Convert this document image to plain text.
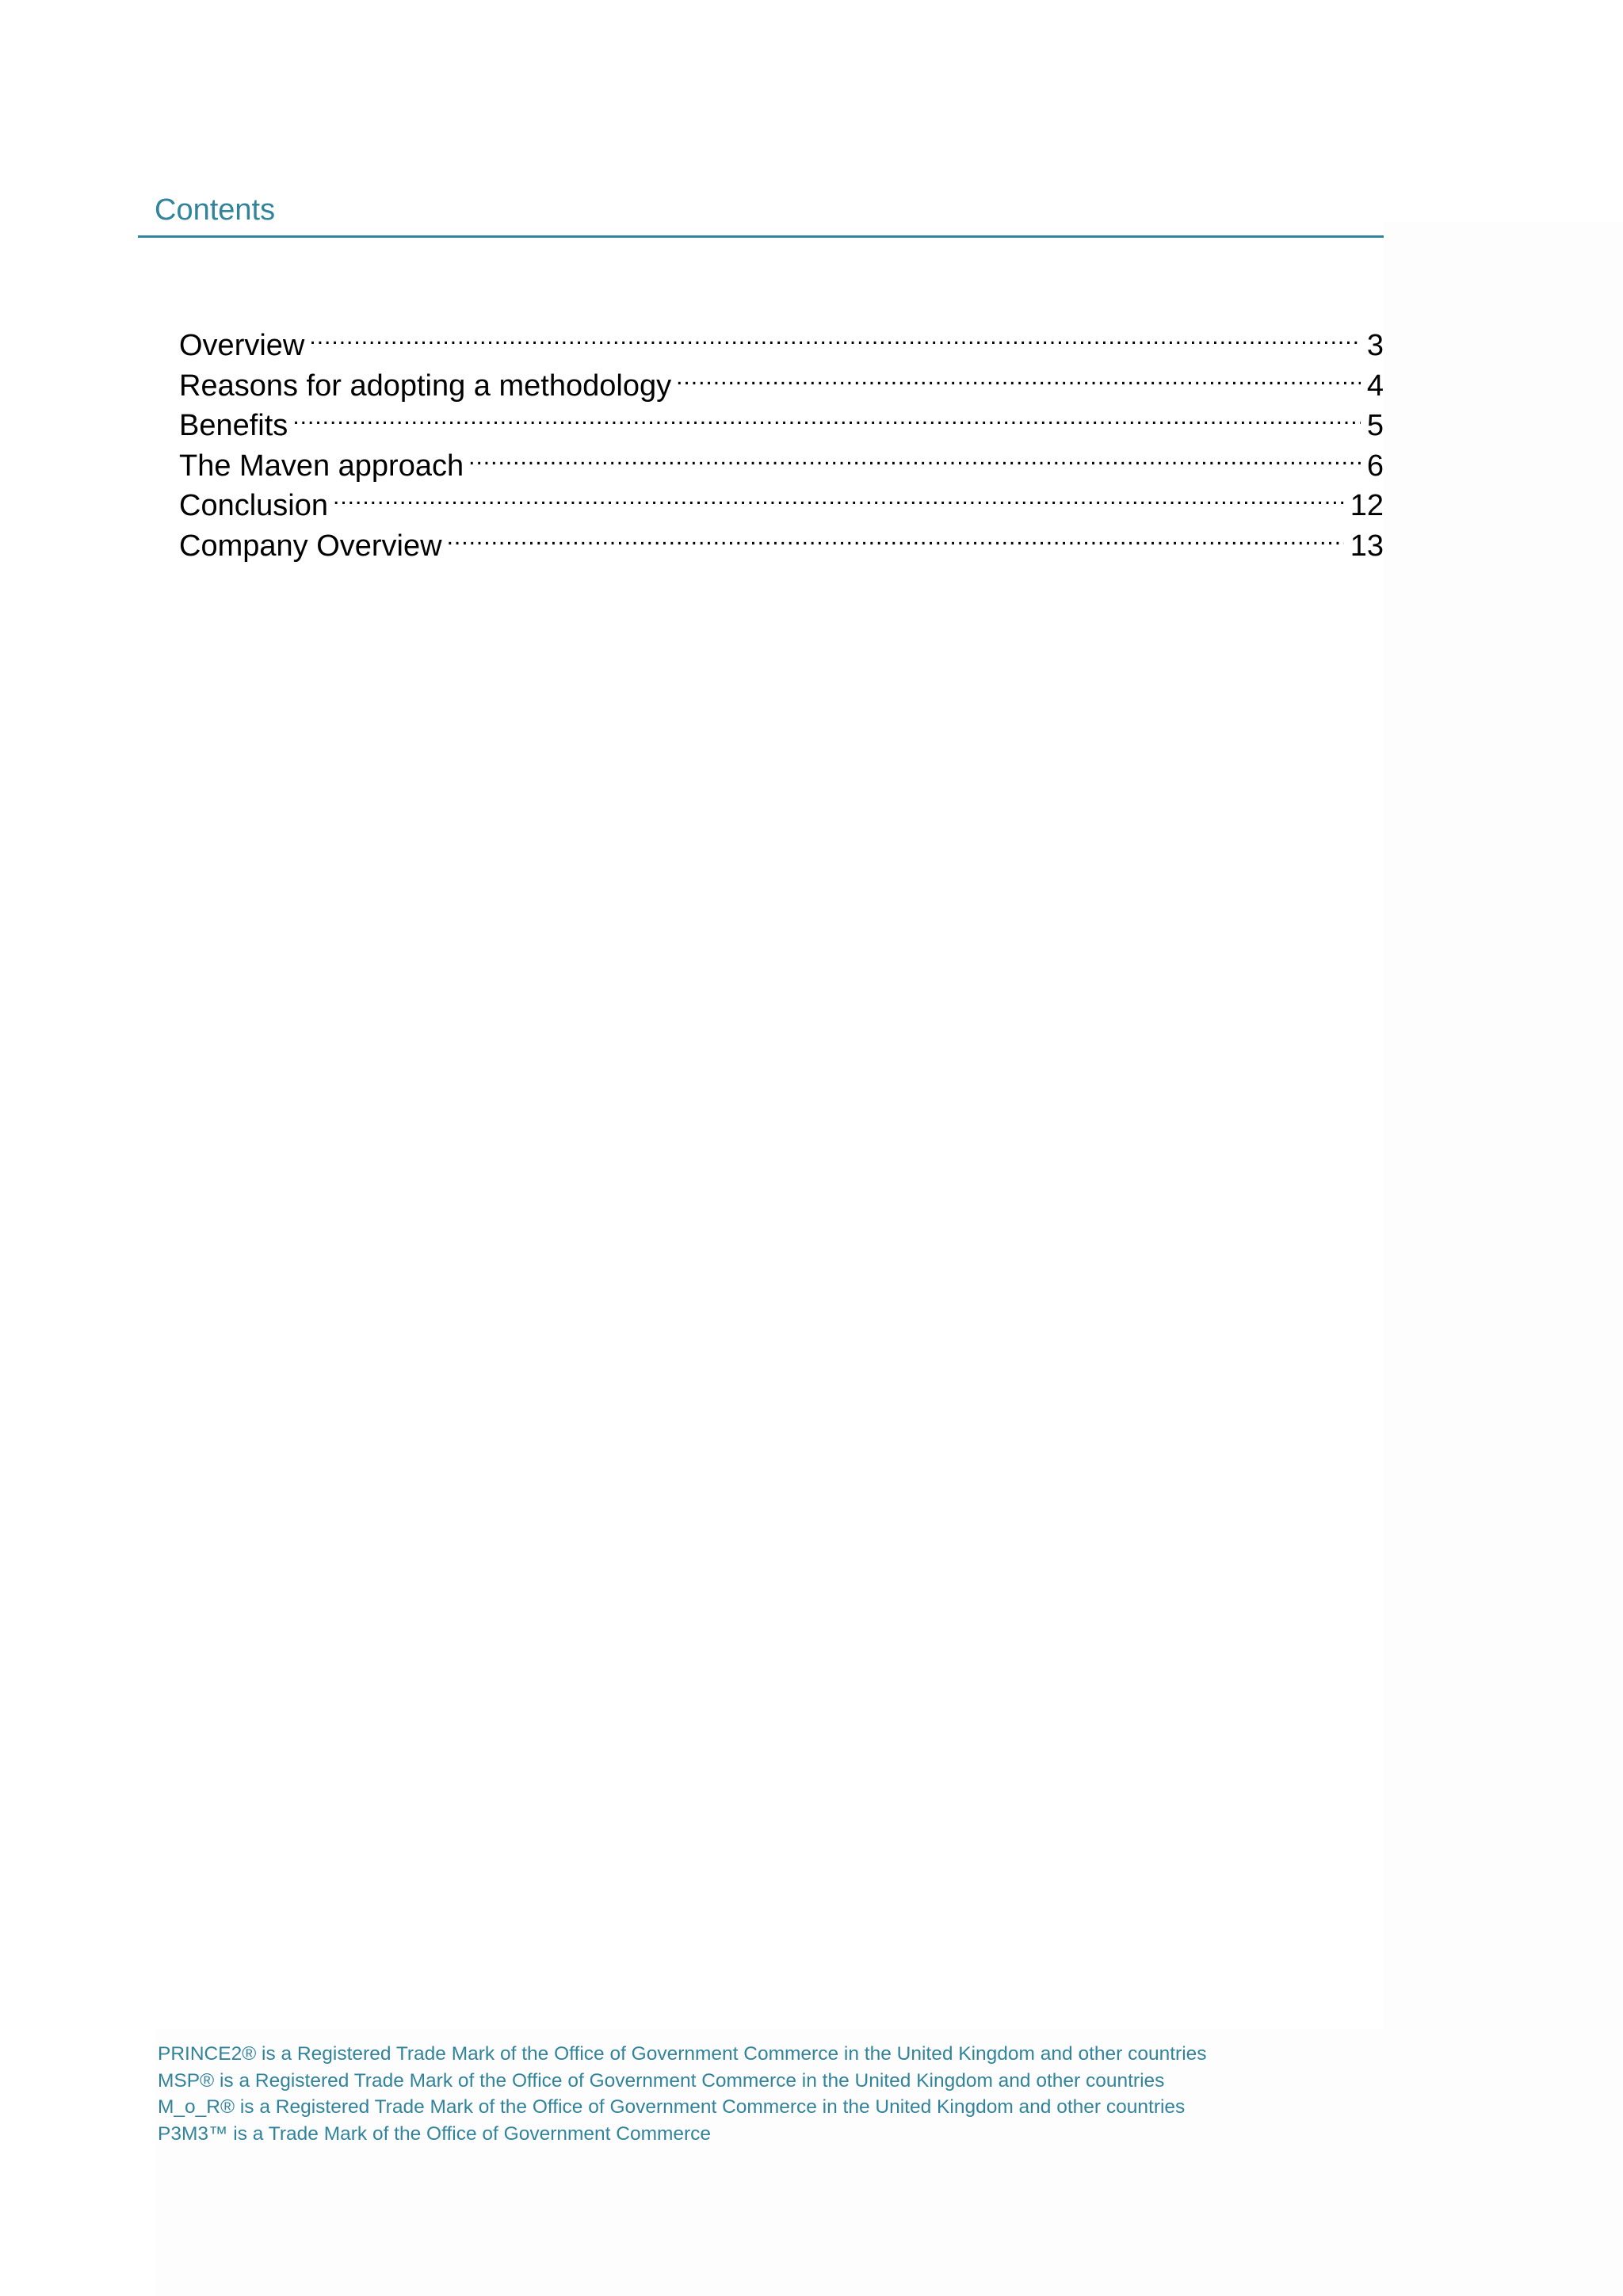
Contents
Overview .....	3
Reasons for adopting a methodology .....	4
Benefits .....	5
The Maven approach .....	6
Conclusion .....	12
Company Overview .....	13
PRINCE2® is a Registered Trade Mark of the Office of Government Commerce in the United Kingdom and other countries
MSP® is a Registered Trade Mark of the Office of Government Commerce in the United Kingdom and other countries
M_o_R® is a Registered Trade Mark of the Office of Government Commerce in the United Kingdom and other countries
P3M3™ is a Trade Mark of the Office of Government Commerce
